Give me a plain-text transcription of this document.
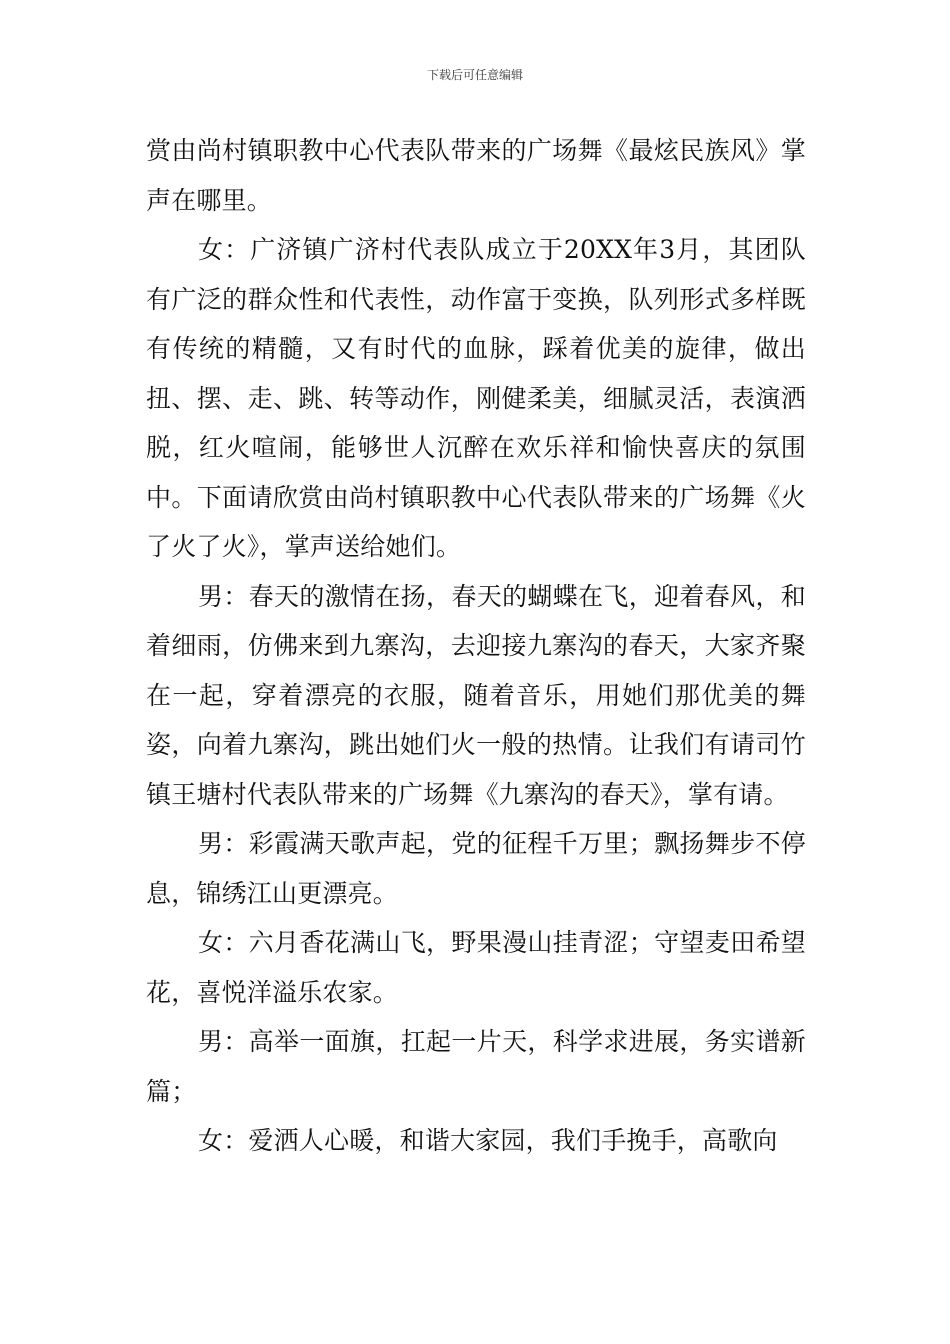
下载后可任意编辑

赏由尚村镇职教中心代表队带来的广场舞《最炫民族风》掌声在哪里。

女：广济镇广济村代表队成立于20XX年3月，其团队有广泛的群众性和代表性，动作富于变换，队列形式多样既有传统的精髓，又有时代的血脉，踩着优美的旋律，做出扭、摆、走、跳、转等动作，刚健柔美，细腻灵活，表演洒脱，红火喧闹，能够世人沉醉在欢乐祥和愉快喜庆的氛围中。下面请欣赏由尚村镇职教中心代表队带来的广场舞《火了火了火》，掌声送给她们。

男：春天的激情在扬，春天的蝴蝶在飞，迎着春风，和着细雨，仿佛来到九寨沟，去迎接九寨沟的春天，大家齐聚在一起，穿着漂亮的衣服，随着音乐，用她们那优美的舞姿，向着九寨沟，跳出她们火一般的热情。让我们有请司竹镇王塘村代表队带来的广场舞《九寨沟的春天》，掌有请。

男：彩霞满天歌声起，党的征程千万里；飘扬舞步不停息，锦绣江山更漂亮。

女：六月香花满山飞，野果漫山挂青涩；守望麦田希望花，喜悦洋溢乐农家。

男：高举一面旗，扛起一片天，科学求进展，务实谱新篇；

女：爱洒人心暖，和谐大家园，我们手挽手，高歌向
